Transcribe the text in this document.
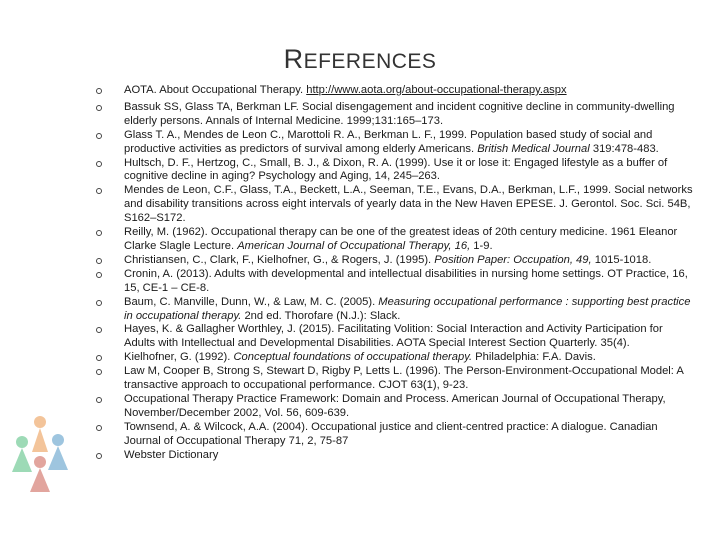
REFERENCES
AOTA. About Occupational Therapy. http://www.aota.org/about-occupational-therapy.aspx
Bassuk SS, Glass TA, Berkman LF. Social disengagement and incident cognitive decline in community-dwelling elderly persons. Annals of Internal Medicine. 1999;131:165–173.
Glass T. A., Mendes de Leon C., Marottoli R. A., Berkman L. F., 1999. Population based study of social and productive activities as predictors of survival among elderly Americans. British Medical Journal 319:478-483.
Hultsch, D. F., Hertzog, C., Small, B. J., & Dixon, R. A. (1999). Use it or lose it: Engaged lifestyle as a buffer of cognitive decline in aging? Psychology and Aging, 14, 245–263.
Mendes de Leon, C.F., Glass, T.A., Beckett, L.A., Seeman, T.E., Evans, D.A., Berkman, L.F., 1999. Social networks and disability transitions across eight intervals of yearly data in the New Haven EPESE. J. Gerontol. Soc. Sci. 54B, S162–S172.
Reilly, M. (1962). Occupational therapy can be one of the greatest ideas of 20th century medicine. 1961 Eleanor Clarke Slagle Lecture. American Journal of Occupational Therapy, 16, 1-9.
Christiansen, C., Clark, F., Kielhofner, G., & Rogers, J. (1995). Position Paper: Occupation, 49, 1015-1018.
Cronin, A. (2013). Adults with developmental and intellectual disabilities in nursing home settings. OT Practice, 16, 15, CE-1 – CE-8.
Baum, C. Manville, Dunn, W., & Law, M. C. (2005). Measuring occupational performance : supporting best practice in occupational therapy. 2nd ed. Thorofare (N.J.): Slack.
Hayes, K. & Gallagher Worthley, J. (2015). Facilitating Volition: Social Interaction and Activity Participation for Adults with Intellectual and Developmental Disabilities. AOTA Special Interest Section Quarterly. 35(4).
Kielhofner, G. (1992). Conceptual foundations of occupational therapy. Philadelphia: F.A. Davis.
Law M, Cooper B, Strong S, Stewart D, Rigby P, Letts L. (1996). The Person-Environment-Occupational Model: A transactive approach to occupational performance. CJOT 63(1), 9-23.
Occupational Therapy Practice Framework: Domain and Process. American Journal of Occupational Therapy, November/December 2002, Vol. 56, 609-639.
Townsend, A. & Wilcock, A.A. (2004). Occupational justice and client-centred practice: A dialogue. Canadian Journal of Occupational Therapy 71, 2, 75-87
Webster Dictionary
